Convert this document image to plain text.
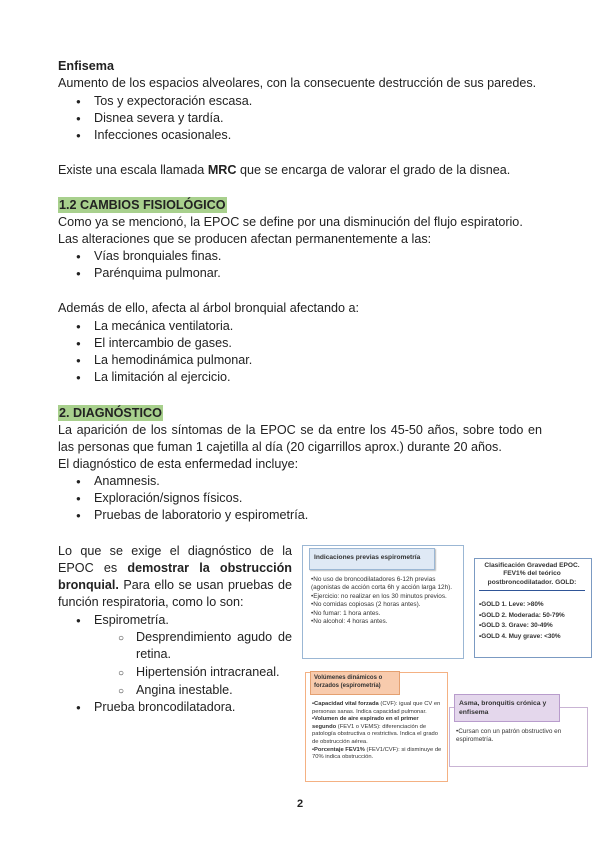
Enfisema
Aumento de los espacios alveolares, con la consecuente destrucción de sus paredes.
● Tos y expectoración escasa.
● Disnea severa y tardía.
● Infecciones ocasionales.
Existe una escala llamada MRC que se encarga de valorar el grado de la disnea.
1.2 CAMBIOS FISIOLÓGICO
Como ya se mencionó, la EPOC se define por una disminución del flujo espiratorio.
Las alteraciones que se producen afectan permanentemente a las:
● Vías bronquiales finas.
● Parénquima pulmonar.
Además de ello, afecta al árbol bronquial afectando a:
● La mecánica ventilatoria.
● El intercambio de gases.
● La hemodinámica pulmonar.
● La limitación al ejercicio.
2. DIAGNÓSTICO
La aparición de los síntomas de la EPOC se da entre los 45-50 años, sobre todo en
las personas que fuman 1 cajetilla al día (20 cigarrillos aprox.) durante 20 años.
El diagnóstico de esta enfermedad incluye:
● Anamnesis.
● Exploración/signos físicos.
● Pruebas de laboratorio y espirometría.
Lo que se exige el diagnóstico de la
EPOC es demostrar la obstrucción
bronquial. Para ello se usan pruebas de
función respiratoria, como lo son:
● Espirometría.
○ Desprendimiento agudo de
retina.
○ Hipertensión intracraneal.
○ Angina inestable.
● Prueba broncodilatadora.
Indicaciones previas espirometría
•No uso de broncodilatadores 6-12h previas (agonistas de acción corta 6h y acción larga 12h).
•Ejercicio: no realizar en los 30 minutos previos.
•No comidas copiosas (2 horas antes).
•No fumar: 1 hora antes.
•No alcohol: 4 horas antes.
Clasificación Gravedad EPOC. FEV1% del teórico postbroncodilatador. GOLD:
•GOLD 1. Leve: >80%
•GOLD 2. Moderada: 50-79%
•GOLD 3. Grave: 30-49%
•GOLD 4. Muy grave: <30%
Volúmenes dinámicos o forzados (espirometría)
•Capacidad vital forzada (CVF): igual que CV en personas sanas. Indica capacidad pulmonar.
•Volumen de aire espirado en el primer segundo (FEV1 o VEMS): diferenciación de patología obstructiva o restrictiva. Indica el grado de obstrucción aérea.
•Porcentaje FEV1% (FEV1/CVF): si disminuye de 70% indica obstrucción.
Asma, bronquitis crónica y enfisema
•Cursan con un patrón obstructivo en espirometría.
2
